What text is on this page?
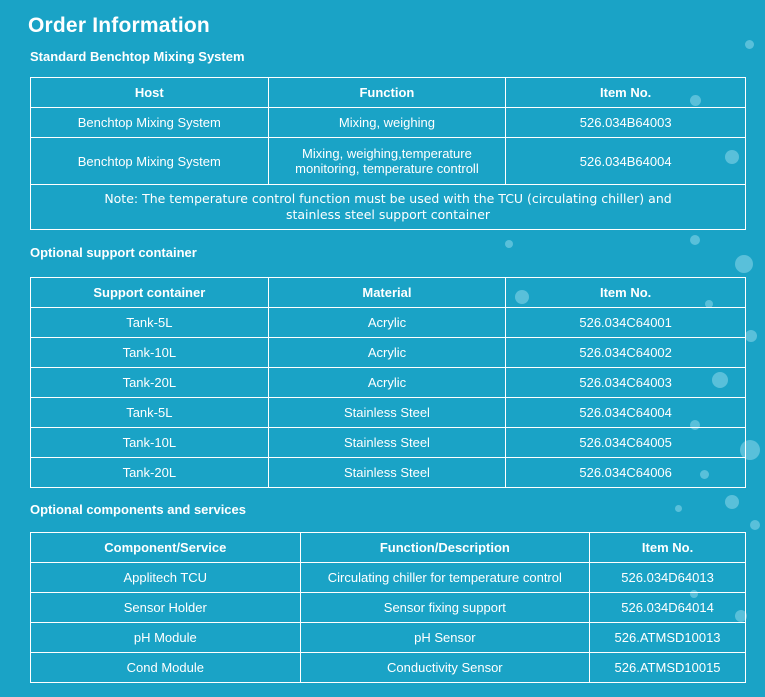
Order Information
Standard Benchtop Mixing System
Host	Function	Item No.
Benchtop Mixing System	Mixing, weighing	526.034B64003
Benchtop Mixing System	Mixing, weighing,temperature monitoring, temperature controll	526.034B64004
Note: The temperature control function must be used with the TCU (circulating chiller) and stainless steel support container		
Optional support container
Support container	Material	Item No.
Tank-5L	Acrylic	526.034C64001
Tank-10L	Acrylic	526.034C64002
Tank-20L	Acrylic	526.034C64003
Tank-5L	Stainless Steel	526.034C64004
Tank-10L	Stainless Steel	526.034C64005
Tank-20L	Stainless Steel	526.034C64006
Optional components and services
Component/Service	Function/Description	Item No.
Applitech TCU	Circulating chiller for temperature control	526.034D64013
Sensor Holder	Sensor fixing support	526.034D64014
pH Module	pH Sensor	526.ATMSD10013
Cond Module	Conductivity Sensor	526.ATMSD10015
